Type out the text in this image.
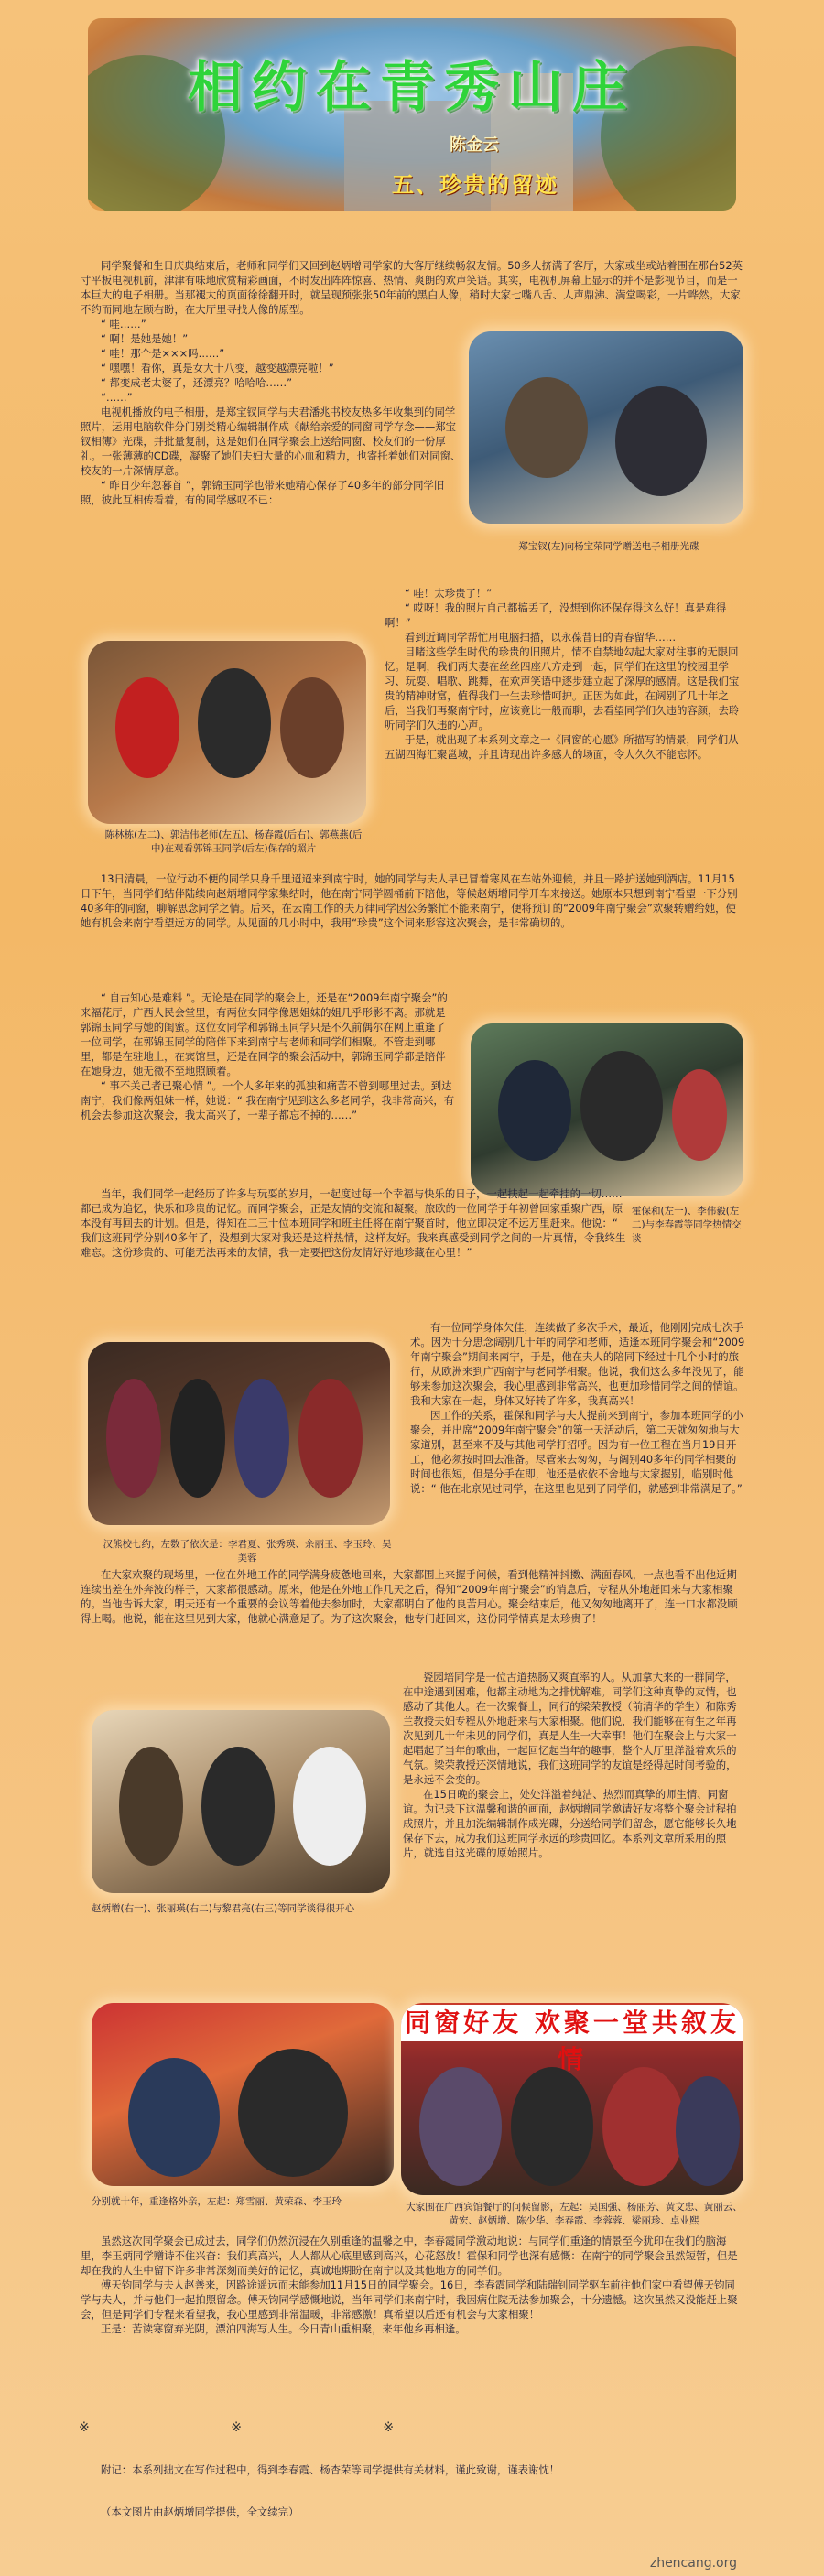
相约在青秀山庄
陈金云
五、珍贵的留迹

同学聚餐和生日庆典结束后，老师和同学们又回到赵炳增同学家的大客厅继续畅叙友情。50多人挤满了客厅，大家或坐或站着围在那台52英寸平板电视机前，津津有味地欣赏精彩画面，不时发出阵阵惊喜、热情、爽朗的欢声笑语。其实，电视机屏幕上显示的并不是影视节目，而是一本巨大的电子相册。当那褪大的页面徐徐翻开时，就呈现预张张50年前的黑白人像，稍时大家七嘴八舌、人声鼎沸、满堂喝彩，一片哗然。大家不约而同地左顾右盼，在大厅里寻找人像的原型。

“ 哇……”

“ 啊！是她是她！”

“ 哇！那个是×××吗……”

“ 嘿嘿！看你，真是女大十八变，越变越漂亮啦！”

“ 都变成老太婆了，还漂亮？哈哈哈……”

“……”

电视机播放的电子相册，是郑宝钗同学与夫君潘兆书校友热多年收集到的同学照片，运用电脑软件分门别类精心编辑制作成《献给亲爱的同窗同学存念——郑宝钗相簿》光碟，并批量复制，这是她们在同学聚会上送给同窗、校友们的一份厚礼。一张薄薄的CD碟，凝聚了她们夫妇大量的心血和精力，也寄托着她们对同窗、校友的一片深情厚意。

“ 昨日少年忽暮首 ”，郭锦玉同学也带来她精心保存了40多年的部分同学旧照，彼此互相传看着，有的同学感叹不已：

郑宝钗(左)向杨宝荣同学赠送电子相册光碟

“ 哇！太珍贵了！”

“ 哎呀！我的照片自己都搞丢了，没想到你还保存得这么好！真是难得啊！”

看到近调同学帮忙用电脑扫描，以永葆昔日的青春留华……

目睹这些学生时代的珍贵的旧照片，情不自禁地勾起大家对往事的无限回忆。是啊，我们两夫妻在丝丝四座八方走到一起，同学们在这里的校园里学习、玩耍、唱歌、跳舞，在欢声笑语中逐步建立起了深厚的感情。这是我们宝贵的精神财富，值得我们一生去珍惜呵护。正因为如此，在阔别了几十年之后，当我们再聚南宁时，应该竟比一般而聊，去看望同学们久违的容颜，去聆听同学们久违的心声。

于是，就出现了本系列文章之一《同窗的心愿》所描写的情景，同学们从五湖四海汇聚邕城，并且请现出许多感人的场面，令人久久不能忘怀。

陈林栋(左二)、郭洁伟老师(左五)、杨春霞(后右)、郭燕燕(后中)在观看郭锦玉同学(后左)保存的照片

13日清晨，一位行动不便的同学只身千里迢迢来到南宁时，她的同学与夫人早已冒着寒风在车站外迎候，并且一路护送她到酒店。11月15日下午，当同学们结伴陆续向赵炳增同学家集结时，他在南宁同学圆桶前下陪他，等候赵炳增同学开车来接送。她原本只想到南宁看望一下分别40多年的同窗，聊解思念同学之情。后来，在云南工作的夫万律同学因公务繁忙不能来南宁，便将预订的“2009年南宁聚会”欢聚转赠给她，使她有机会来南宁看望远方的同学。从见面的几小时中，我用“珍贵”这个词来形容这次聚会，是非常确切的。

“ 自古知心是难料 ”。无论是在同学的聚会上，还是在“2009年南宁聚会”的来福花厅，广西人民会堂里，有两位女同学像恩姐妹的姐几乎形影不离。那就是郭锦玉同学与她的闺蜜。这位女同学和郭锦玉同学只是不久前偶尔在网上重逢了一位同学，在郭锦玉同学的陪伴下来到南宁与老师和同学们相聚。不管走到哪里，都是在驻地上，在宾馆里，还是在同学的聚会活动中，郭锦玉同学都是陪伴在她身边，她无微不至地照顾着。

“ 事不关己者已聚心情 ”。一个人多年来的孤独和痛苦不曾到哪里过去。到达南宁，我们像两姐妹一样，她说：“ 我在南宁见到这么多老同学，我非常高兴，有机会去参加这次聚会，我太高兴了，一辈子都忘不掉的……”

霍保和(左一)、李伟毅(左二)与李春霞等同学热情交谈

当年，我们同学一起经历了许多与玩耍的岁月，一起度过每一个幸福与快乐的日子，一起扶起一起牵挂的一切……都已成为追忆，快乐和珍贵的记忆。而同学聚会，正是友情的交流和凝聚。旅欧的一位同学于年初曾回家重聚广西，原本没有再回去的计划。但是，得知在二三十位本班同学和班主任将在南宁聚首时，他立即决定不远万里赶来。他说：“ 我们这班同学分别40多年了，没想到大家对我还是这样热情，这样友好。我来真感受到同学之间的一片真情，令我终生难忘。这份珍贵的、可能无法再来的友情，我一定要把这份友情好好地珍藏在心里！”

有一位同学身体欠佳，连续做了多次手术，最近，他刚刚完成七次手术。因为十分思念阔别几十年的同学和老师，适逢本班同学聚会和“2009年南宁聚会”期间来南宁，于是，他在夫人的陪同下经过十几个小时的旅行，从欧洲来到广西南宁与老同学相聚。他说，我们这么多年没见了，能够来参加这次聚会，我心里感到非常高兴，也更加珍惜同学之间的情谊。我和大家在一起，身体又好转了许多，我真高兴！

因工作的关系，霍保和同学与夫人提前来到南宁，参加本班同学的小聚会，并出席“2009年南宁聚会”的第一天活动后，第二天就匆匆地与大家道别，甚至来不及与其他同学打招呼。因为有一位工程在当月19日开工，他必须按时回去准备。尽管来去匆匆，与阔别40多年的同学相聚的时间也很短，但是分手在即，他还是依依不舍地与大家握别，临别时他说：“ 他在北京见过同学，在这里也见到了同学们，就感到非常满足了。”

汉熊校七约，左数了依次是：李君夏、张秀瑛、余丽玉、李玉玲、吴美蓉

在大家欢聚的现场里，一位在外地工作的同学满身疲惫地回来，大家都围上来握手问候，看到他精神抖擞、满面春风，一点也看不出他近期连续出差在外奔波的样子，大家都很感动。原来，他是在外地工作几天之后，得知“2009年南宁聚会”的消息后，专程从外地赶回来与大家相聚的。当他告诉大家，明天还有一个重要的会议等着他去参加时，大家都明白了他的良苦用心。聚会结束后，他又匆匆地离开了，连一口水都没顾得上喝。他说，能在这里见到大家，他就心满意足了。为了这次聚会，他专门赶回来，这份同学情真是太珍贵了！

赵炳增(右一)、张丽瑛(右二)与黎君亮(右三)等同学谈得很开心

瓷园培同学是一位古道热肠又爽直率的人。从加拿大来的一群同学，在中途遇到困难，他都主动地为之排忧解难。同学们这种真挚的友情，也感动了其他人。在一次聚餐上，同行的梁荣教授（前清华的学生）和陈秀兰教授夫妇专程从外地赶来与大家相聚。他们说，我们能够在有生之年再次见到几十年未见的同学们，真是人生一大幸事！他们在聚会上与大家一起唱起了当年的歌曲，一起回忆起当年的趣事，整个大厅里洋溢着欢乐的气氛。梁荣教授还深情地说，我们这班同学的友谊是经得起时间考验的，是永远不会变的。

在15日晚的聚会上，处处洋溢着纯洁、热烈而真挚的师生情、同窗谊。为记录下这温馨和谐的画面，赵炳增同学邀请好友将整个聚会过程拍成照片，并且加洗编辑制作成光碟，分送给同学们留念，愿它能够长久地保存下去，成为我们这班同学永远的珍贵回忆。本系列文章所采用的照片，就选自这光碟的原始照片。

分别就十年，重逢格外亲，左起：郑雪丽、黄荣森、李玉玲
同窗好友 欢聚一堂共叙友情
大家围在广西宾馆餐厅的问候留影，左起：吴国强、杨丽芳、黄文忠、黄丽云、黄宏、赵炳增、陈少华、李春霞、李蓉蓉、梁丽珍、卓业熙

虽然这次同学聚会已成过去，同学们仍然沉浸在久别重逢的温馨之中，李春霞同学激动地说：与同学们重逢的情景至今犹印在我们的脑海里，李玉炳同学赠诗不住兴奋：我们真高兴，人人都从心底里感到高兴，心花怒放！霍保和同学也深有感慨：在南宁的同学聚会虽然短暂，但是却在我的人生中留下许多非常深刻而美好的记忆，真诚地期盼在南宁以及其他地方的同学们。

傅天钧同学与夫人赵善来，因路途遥远而未能参加11月15日的同学聚会。16日，李春霞同学和陆瑞钊同学驱车前往他们家中看望傅天钧同学与夫人，并与他们一起拍照留念。傅天钧同学感慨地说，当年同学们来南宁时，我因病住院无法参加聚会，十分遗憾。这次虽然又没能赶上聚会，但是同学们专程来看望我，我心里感到非常温暖，非常感激！真希望以后还有机会与大家相聚！

正是：苦读寒窗弃光阴，漂泊四海写人生。今日青山重相聚，来年他乡再相逢。

※	※	※

附记：本系列拙文在写作过程中，得到李春霞、杨杏荣等同学提供有关材料，谨此致谢，谨表谢忱！

（本文图片由赵炳增同学提供，全文续完）

zhencang.org
